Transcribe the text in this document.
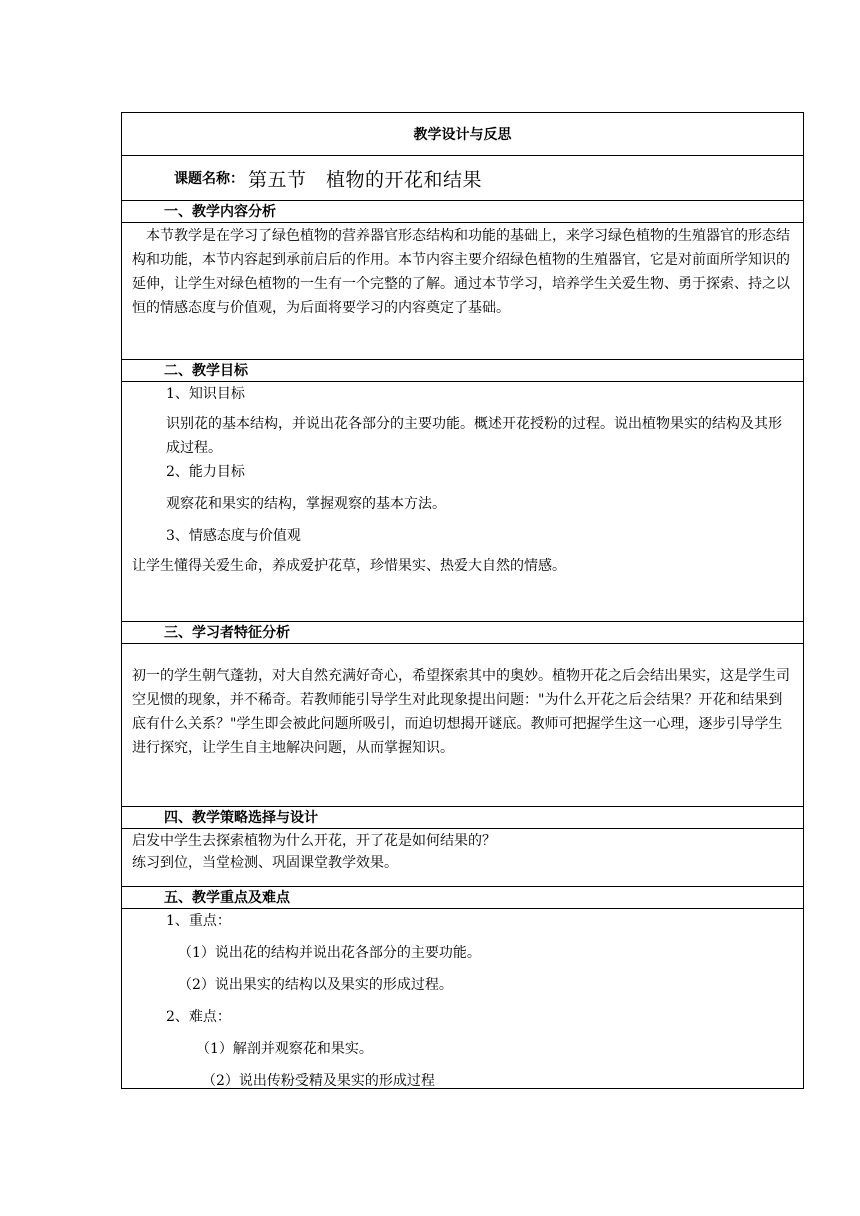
教学设计与反思
课题名称： 第五节　植物的开花和结果
一、教学内容分析

本节教学是在学习了绿色植物的营养器官形态结构和功能的基础上，来学习绿色植物的生殖器官的形态结构和功能，本节内容起到承前启后的作用。本节内容主要介绍绿色植物的生殖器官，它是对前面所学知识的延伸，让学生对绿色植物的一生有一个完整的了解。通过本节学习，培养学生关爱生物、勇于探索、持之以恒的情感态度与价值观，为后面将要学习的内容奠定了基础。

二、教学目标

1、知识目标

识别花的基本结构，并说出花各部分的主要功能。概述开花授粉的过程。说出植物果实的结构及其形成过程。

2、能力目标

观察花和果实的结构，掌握观察的基本方法。

3、情感态度与价值观

让学生懂得关爱生命，养成爱护花草，珍惜果实、热爱大自然的情感。

三、学习者特征分析

初一的学生朝气蓬勃，对大自然充满好奇心，希望探索其中的奥妙。植物开花之后会结出果实，这是学生司空见惯的现象，并不稀奇。若教师能引导学生对此现象提出问题："为什么开花之后会结果？开花和结果到底有什么关系？"学生即会被此问题所吸引，而迫切想揭开谜底。教师可把握学生这一心理，逐步引导学生进行探究，让学生自主地解决问题，从而掌握知识。

四、教学策略选择与设计

启发中学生去探索植物为什么开花，开了花是如何结果的？

练习到位，当堂检测、巩固课堂教学效果。

五、教学重点及难点

1、重点：

（1）说出花的结构并说出花各部分的主要功能。

（2）说出果实的结构以及果实的形成过程。

2、难点：

（1）解剖并观察花和果实。

（2）说出传粉受精及果实的形成过程
